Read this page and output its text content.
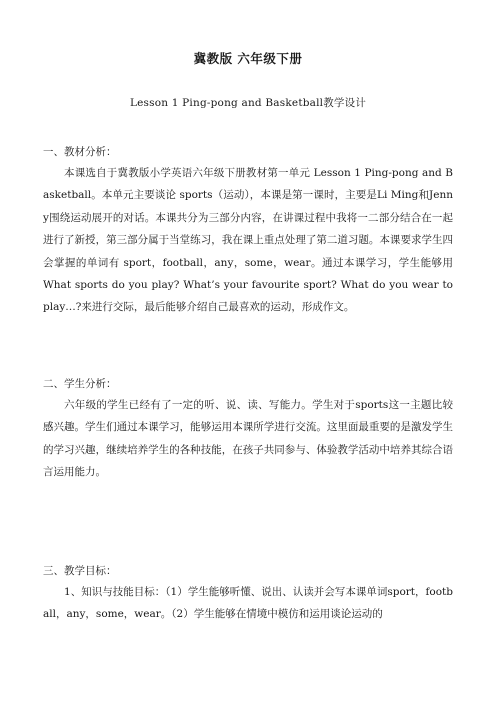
冀教版 六年级下册
Lesson 1 Ping-pong and Basketball教学设计
一、教材分析：

本课选自于冀教版小学英语六年级下册教材第一单元 Lesson 1 Ping-pong and Basketball。本单元主要谈论 sports（运动），本课是第一课时，主要是Li Ming和Jenny围绕运动展开的对话。本课共分为三部分内容，在讲课过程中我将一二部分结合在一起进行了新授，第三部分属于当堂练习，我在课上重点处理了第二道习题。本课要求学生四会掌握的单词有 sport，football，any，some，wear。通过本课学习，学生能够用 What sports do you play? What’s your favourite sport? What do you wear to play…?来进行交际，最后能够介绍自己最喜欢的运动，形成作文。

二、学生分析：

六年级的学生已经有了一定的听、说、读、写能力。学生对于sports这一主题比较感兴趣。学生们通过本课学习，能够运用本课所学进行交流。这里面最重要的是激发学生的学习兴趣，继续培养学生的各种技能，在孩子共同参与、体验教学活动中培养其综合语言运用能力。

三、教学目标：

1、知识与技能目标：（1）学生能够听懂、说出、认读并会写本课单词sport，football，any，some，wear。（2）学生能够在情境中模仿和运用谈论运动的
